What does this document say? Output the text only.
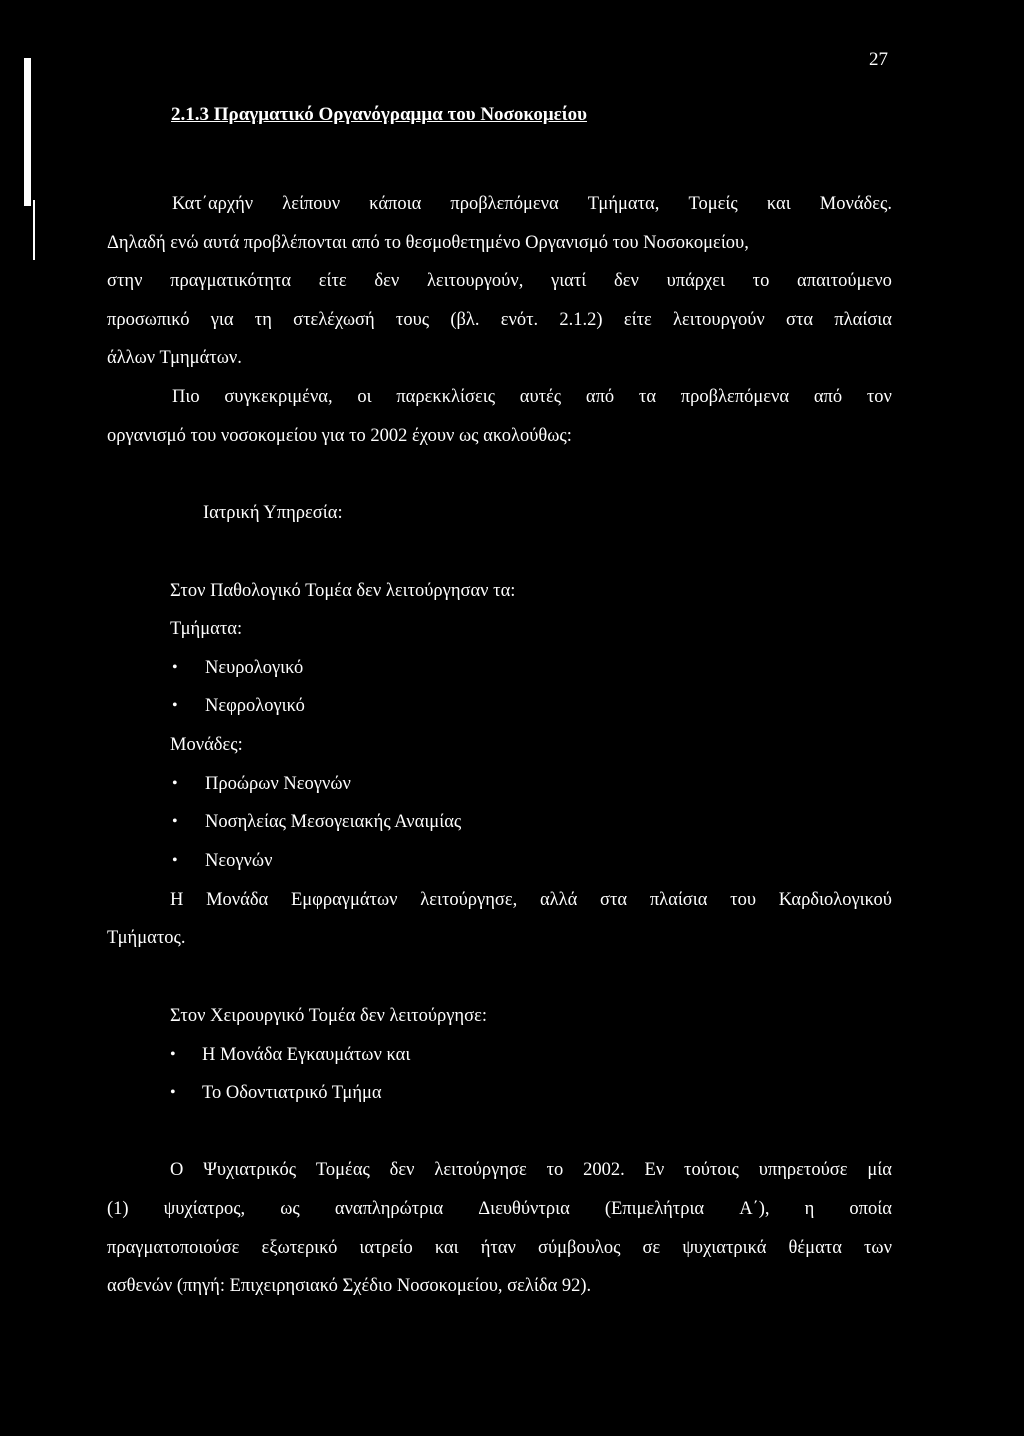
27
2.1.3 Πραγματικό Οργανόγραμμα του Νοσοκομείου
Κατ΄αρχήν λείπουν κάποια προβλεπόμενα Τμήματα, Τομείς και Μονάδες.
Δηλαδή ενώ αυτά προβλέπονται από το θεσμοθετημένο Οργανισμό του Νοσοκομείου,
στην πραγματικότητα είτε δεν λειτουργούν, γιατί δεν υπάρχει το απαιτούμενο
προσωπικό για τη στελέχωσή τους (βλ. ενότ. 2.1.2) είτε λειτουργούν στα πλαίσια
άλλων Τμημάτων.
Πιο συγκεκριμένα, οι παρεκκλίσεις αυτές από τα προβλεπόμενα από τον
οργανισμό του νοσοκομείου για το 2002 έχουν ως ακολούθως:
Ιατρική Υπηρεσία:
Στον Παθολογικό Τομέα δεν λειτούργησαν τα:
Τμήματα:
• Νευρολογικό
• Νεφρολογικό
Μονάδες:
• Προώρων Νεογνών
• Νοσηλείας Μεσογειακής Αναιμίας
• Νεογνών
Η Μονάδα Εμφραγμάτων λειτούργησε, αλλά στα πλαίσια του Καρδιολογικού
Τμήματος.
Στον Χειρουργικό Τομέα δεν λειτούργησε:
• Η Μονάδα Εγκαυμάτων και
• Το Οδοντιατρικό Τμήμα
Ο Ψυχιατρικός Τομέας δεν λειτούργησε το 2002. Εν τούτοις υπηρετούσε μία
(1) ψυχίατρος, ως αναπληρώτρια Διευθύντρια (Επιμελήτρια Α΄), η οποία
πραγματοποιούσε εξωτερικό ιατρείο και ήταν σύμβουλος σε ψυχιατρικά θέματα των
ασθενών (πηγή: Επιχειρησιακό Σχέδιο Νοσοκομείου, σελίδα 92).
